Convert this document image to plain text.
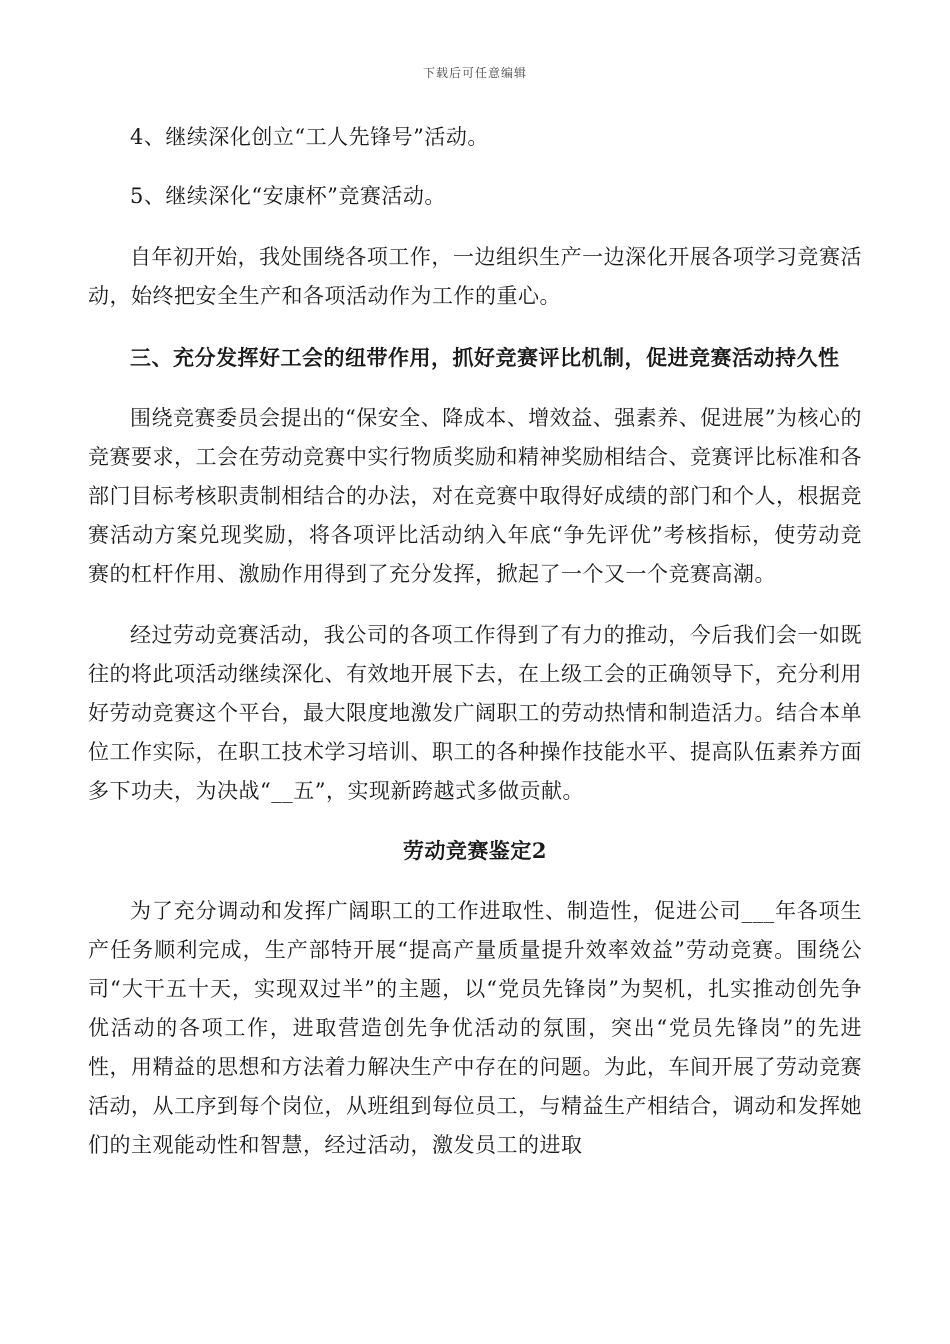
下载后可任意编辑

4、继续深化创立“工人先锋号”活动。

5、继续深化“安康杯”竞赛活动。

自年初开始，我处围绕各项工作，一边组织生产一边深化开展各项学习竞赛活动，始终把安全生产和各项活动作为工作的重心。

三、充分发挥好工会的纽带作用，抓好竞赛评比机制，促进竞赛活动持久性

围绕竞赛委员会提出的“保安全、降成本、增效益、强素养、促进展”为核心的竞赛要求，工会在劳动竞赛中实行物质奖励和精神奖励相结合、竞赛评比标准和各部门目标考核职责制相结合的办法，对在竞赛中取得好成绩的部门和个人，根据竞赛活动方案兑现奖励，将各项评比活动纳入年底“争先评优”考核指标，使劳动竞赛的杠杆作用、激励作用得到了充分发挥，掀起了一个又一个竞赛高潮。

经过劳动竞赛活动，我公司的各项工作得到了有力的推动，今后我们会一如既往的将此项活动继续深化、有效地开展下去，在上级工会的正确领导下，充分利用好劳动竞赛这个平台，最大限度地激发广阔职工的劳动热情和制造活力。结合本单位工作实际，在职工技术学习培训、职工的各种操作技能水平、提高队伍素养方面多下功夫，为决战“__五”，实现新跨越式多做贡献。

劳动竞赛鉴定2

为了充分调动和发挥广阔职工的工作进取性、制造性，促进公司___年各项生产任务顺利完成，生产部特开展“提高产量质量提升效率效益”劳动竞赛。围绕公司“大干五十天，实现双过半”的主题，以“党员先锋岗”为契机，扎实推动创先争优活动的各项工作，进取营造创先争优活动的氛围，突出“党员先锋岗”的先进性，用精益的思想和方法着力解决生产中存在的问题。为此，车间开展了劳动竞赛活动，从工序到每个岗位，从班组到每位员工，与精益生产相结合，调动和发挥她们的主观能动性和智慧，经过活动，激发员工的进取
